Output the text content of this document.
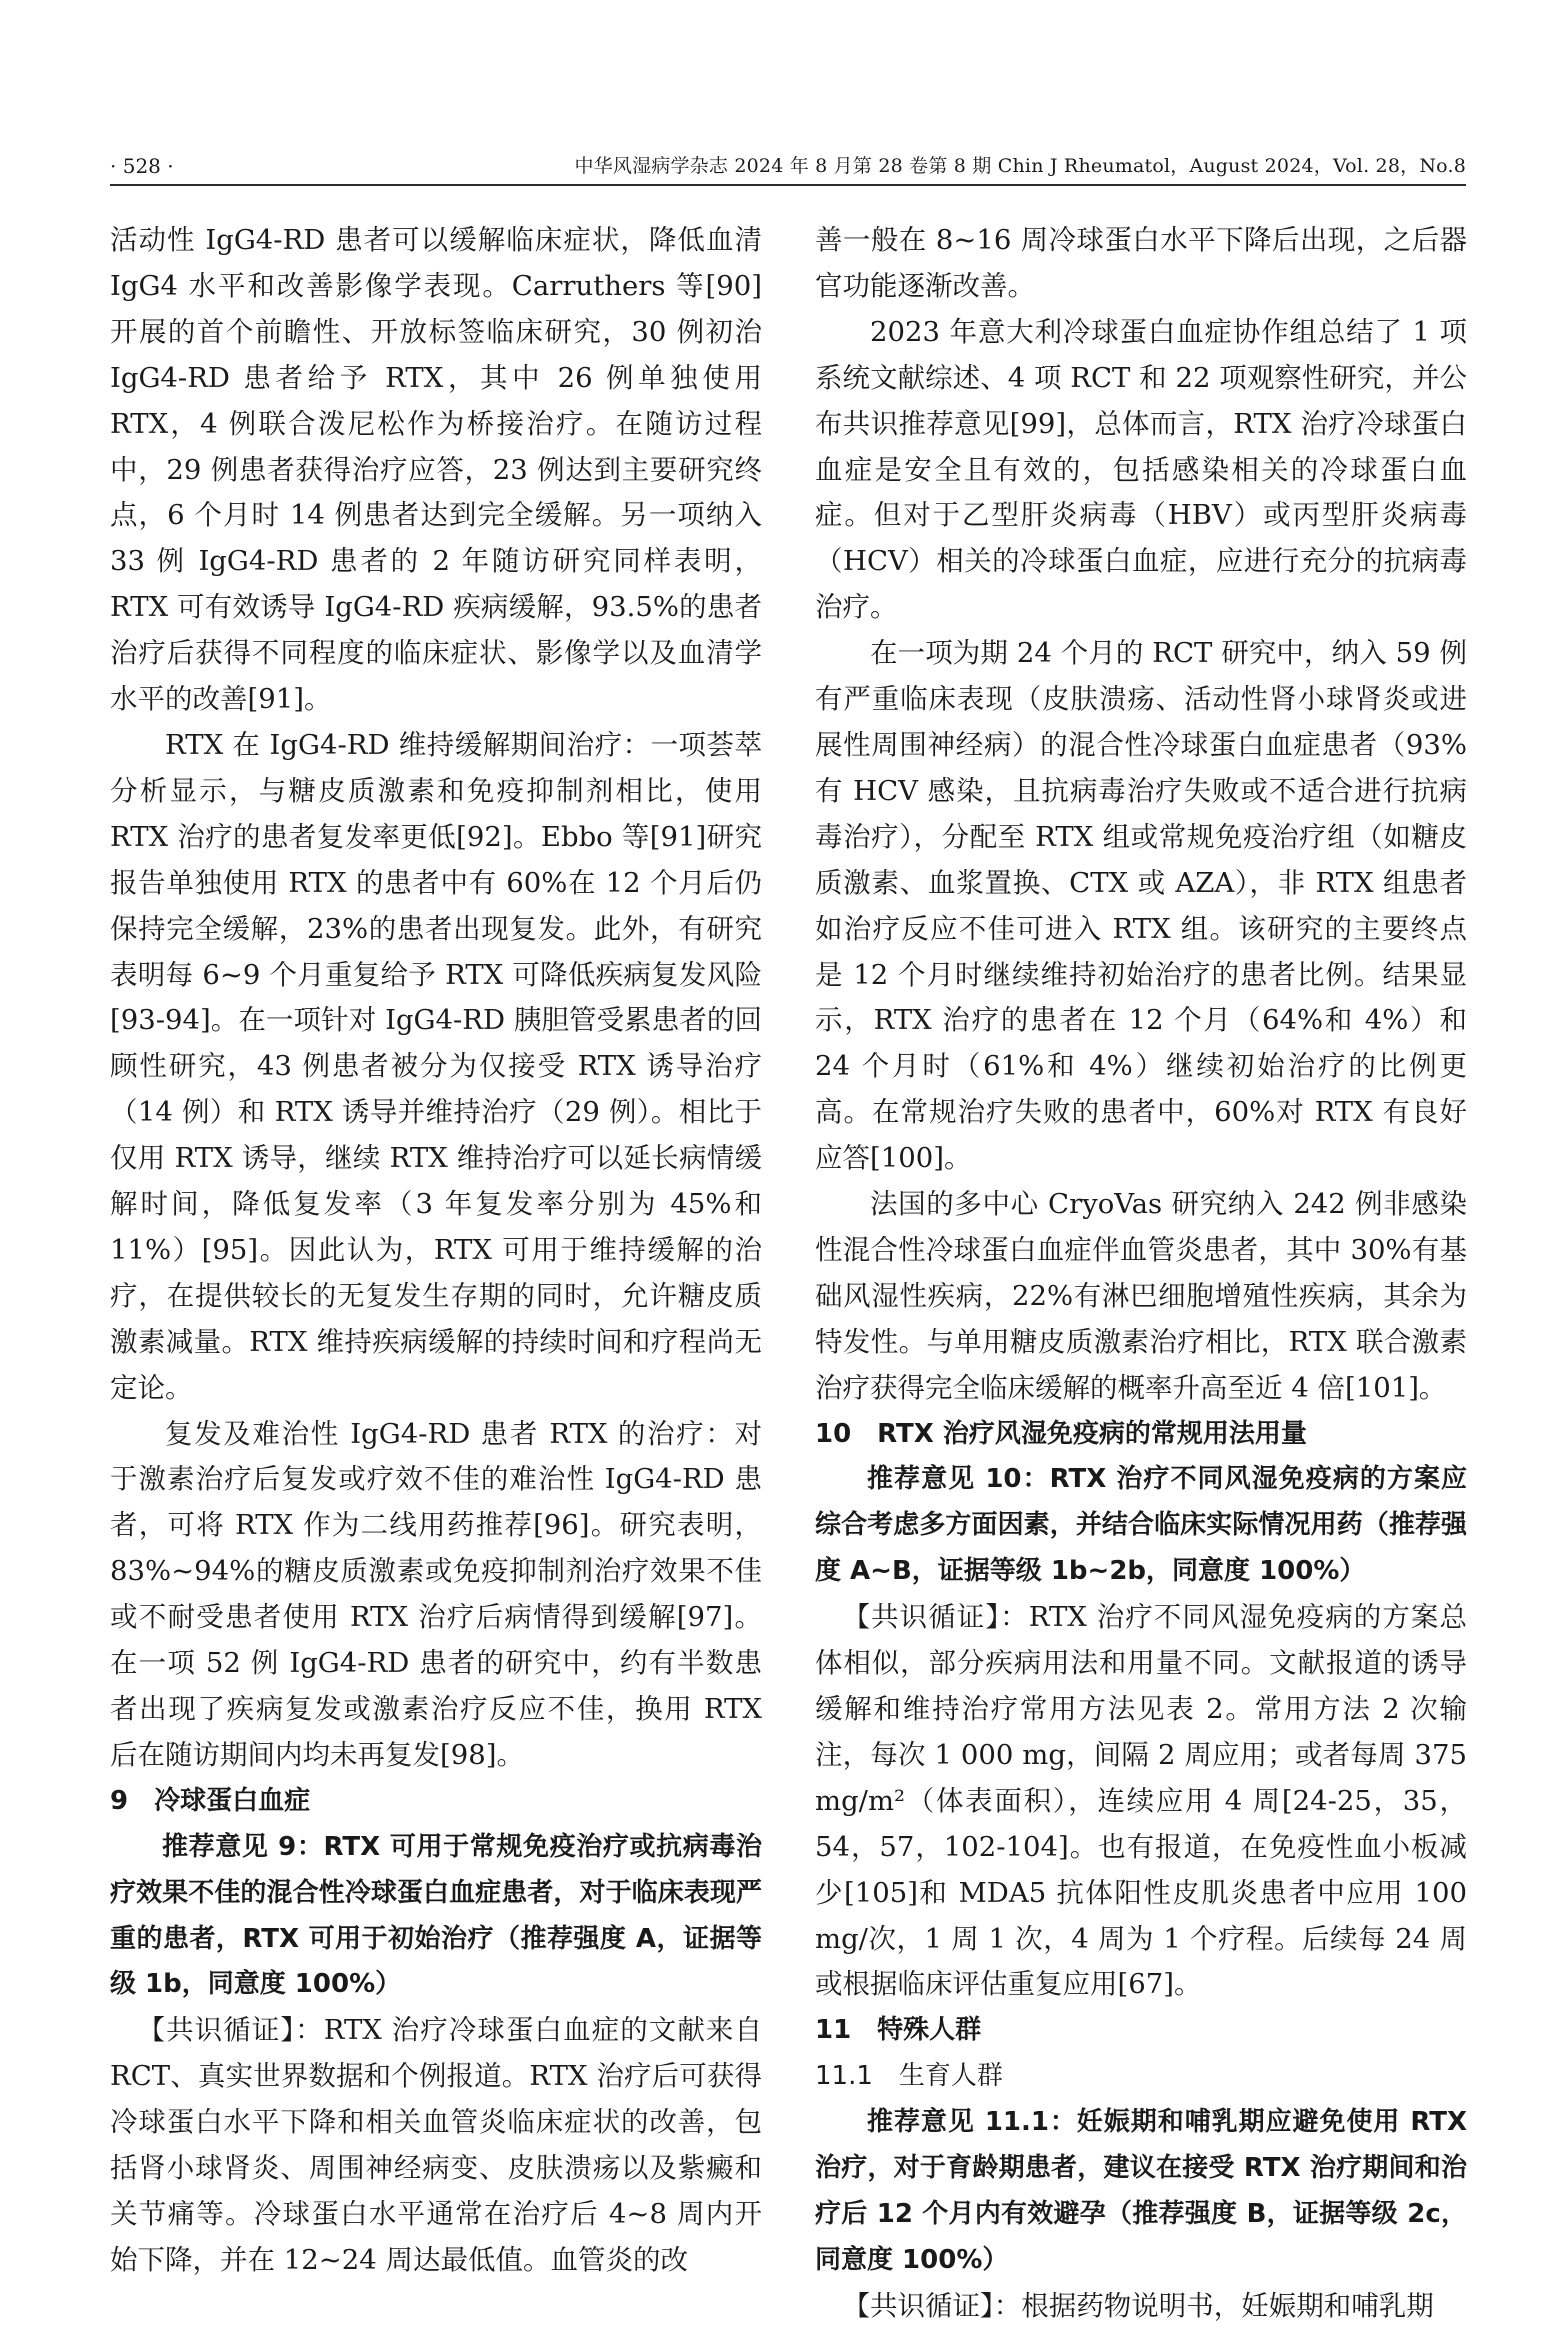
· 528 ·	中华风湿病学杂志 2024 年 8 月第 28 卷第 8 期 Chin J Rheumatol，August 2024，Vol. 28，No.8

活动性 IgG4-RD 患者可以缓解临床症状，降低血清 IgG4 水平和改善影像学表现。Carruthers 等[90]开展的首个前瞻性、开放标签临床研究，30 例初治 IgG4-RD 患者给予 RTX，其中 26 例单独使用 RTX，4 例联合泼尼松作为桥接治疗。在随访过程中，29 例患者获得治疗应答，23 例达到主要研究终点，6 个月时 14 例患者达到完全缓解。另一项纳入 33 例 IgG4-RD 患者的 2 年随访研究同样表明，RTX 可有效诱导 IgG4-RD 疾病缓解，93.5%的患者治疗后获得不同程度的临床症状、影像学以及血清学水平的改善[91]。

RTX 在 IgG4-RD 维持缓解期间治疗：一项荟萃分析显示，与糖皮质激素和免疫抑制剂相比，使用 RTX 治疗的患者复发率更低[92]。Ebbo 等[91]研究报告单独使用 RTX 的患者中有 60%在 12 个月后仍保持完全缓解，23%的患者出现复发。此外，有研究表明每 6~9 个月重复给予 RTX 可降低疾病复发风险[93-94]。在一项针对 IgG4-RD 胰胆管受累患者的回顾性研究，43 例患者被分为仅接受 RTX 诱导治疗（14 例）和 RTX 诱导并维持治疗（29 例）。相比于仅用 RTX 诱导，继续 RTX 维持治疗可以延长病情缓解时间，降低复发率（3 年复发率分别为 45%和 11%）[95]。因此认为，RTX 可用于维持缓解的治疗，在提供较长的无复发生存期的同时，允许糖皮质激素减量。RTX 维持疾病缓解的持续时间和疗程尚无定论。

复发及难治性 IgG4-RD 患者 RTX 的治疗：对于激素治疗后复发或疗效不佳的难治性 IgG4-RD 患者，可将 RTX 作为二线用药推荐[96]。研究表明，83%~94%的糖皮质激素或免疫抑制剂治疗效果不佳或不耐受患者使用 RTX 治疗后病情得到缓解[97]。在一项 52 例 IgG4-RD 患者的研究中，约有半数患者出现了疾病复发或激素治疗反应不佳，换用 RTX 后在随访期间内均未再复发[98]。

9　冷球蛋白血症

推荐意见 9：RTX 可用于常规免疫治疗或抗病毒治疗效果不佳的混合性冷球蛋白血症患者，对于临床表现严重的患者，RTX 可用于初始治疗（推荐强度 A，证据等级 1b，同意度 100%）

【共识循证】：RTX 治疗冷球蛋白血症的文献来自 RCT、真实世界数据和个例报道。RTX 治疗后可获得冷球蛋白水平下降和相关血管炎临床症状的改善，包括肾小球肾炎、周围神经病变、皮肤溃疡以及紫癜和关节痛等。冷球蛋白水平通常在治疗后 4~8 周内开始下降，并在 12~24 周达最低值。血管炎的改

善一般在 8~16 周冷球蛋白水平下降后出现，之后器官功能逐渐改善。

2023 年意大利冷球蛋白血症协作组总结了 1 项系统文献综述、4 项 RCT 和 22 项观察性研究，并公布共识推荐意见[99]，总体而言，RTX 治疗冷球蛋白血症是安全且有效的，包括感染相关的冷球蛋白血症。但对于乙型肝炎病毒（HBV）或丙型肝炎病毒（HCV）相关的冷球蛋白血症，应进行充分的抗病毒治疗。

在一项为期 24 个月的 RCT 研究中，纳入 59 例有严重临床表现（皮肤溃疡、活动性肾小球肾炎或进展性周围神经病）的混合性冷球蛋白血症患者（93%有 HCV 感染，且抗病毒治疗失败或不适合进行抗病毒治疗），分配至 RTX 组或常规免疫治疗组（如糖皮质激素、血浆置换、CTX 或 AZA），非 RTX 组患者如治疗反应不佳可进入 RTX 组。该研究的主要终点是 12 个月时继续维持初始治疗的患者比例。结果显示，RTX 治疗的患者在 12 个月（64%和 4%）和 24 个月时（61%和 4%）继续初始治疗的比例更高。在常规治疗失败的患者中，60%对 RTX 有良好应答[100]。

法国的多中心 CryoVas 研究纳入 242 例非感染性混合性冷球蛋白血症伴血管炎患者，其中 30%有基础风湿性疾病，22%有淋巴细胞增殖性疾病，其余为特发性。与单用糖皮质激素治疗相比，RTX 联合激素治疗获得完全临床缓解的概率升高至近 4 倍[101]。

10　RTX 治疗风湿免疫病的常规用法用量

推荐意见 10：RTX 治疗不同风湿免疫病的方案应综合考虑多方面因素，并结合临床实际情况用药（推荐强度 A~B，证据等级 1b~2b，同意度 100%）

【共识循证】：RTX 治疗不同风湿免疫病的方案总体相似，部分疾病用法和用量不同。文献报道的诱导缓解和维持治疗常用方法见表 2。常用方法 2 次输注，每次 1 000 mg，间隔 2 周应用；或者每周 375 mg/m²（体表面积），连续应用 4 周[24-25，35，54，57，102-104]。也有报道，在免疫性血小板减少[105]和 MDA5 抗体阳性皮肌炎患者中应用 100 mg/次，1 周 1 次，4 周为 1 个疗程。后续每 24 周或根据临床评估重复应用[67]。

11　特殊人群

11.1　生育人群

推荐意见 11.1：妊娠期和哺乳期应避免使用 RTX 治疗，对于育龄期患者，建议在接受 RTX 治疗期间和治疗后 12 个月内有效避孕（推荐强度 B，证据等级 2c，同意度 100%）

【共识循证】：根据药物说明书，妊娠期和哺乳期
